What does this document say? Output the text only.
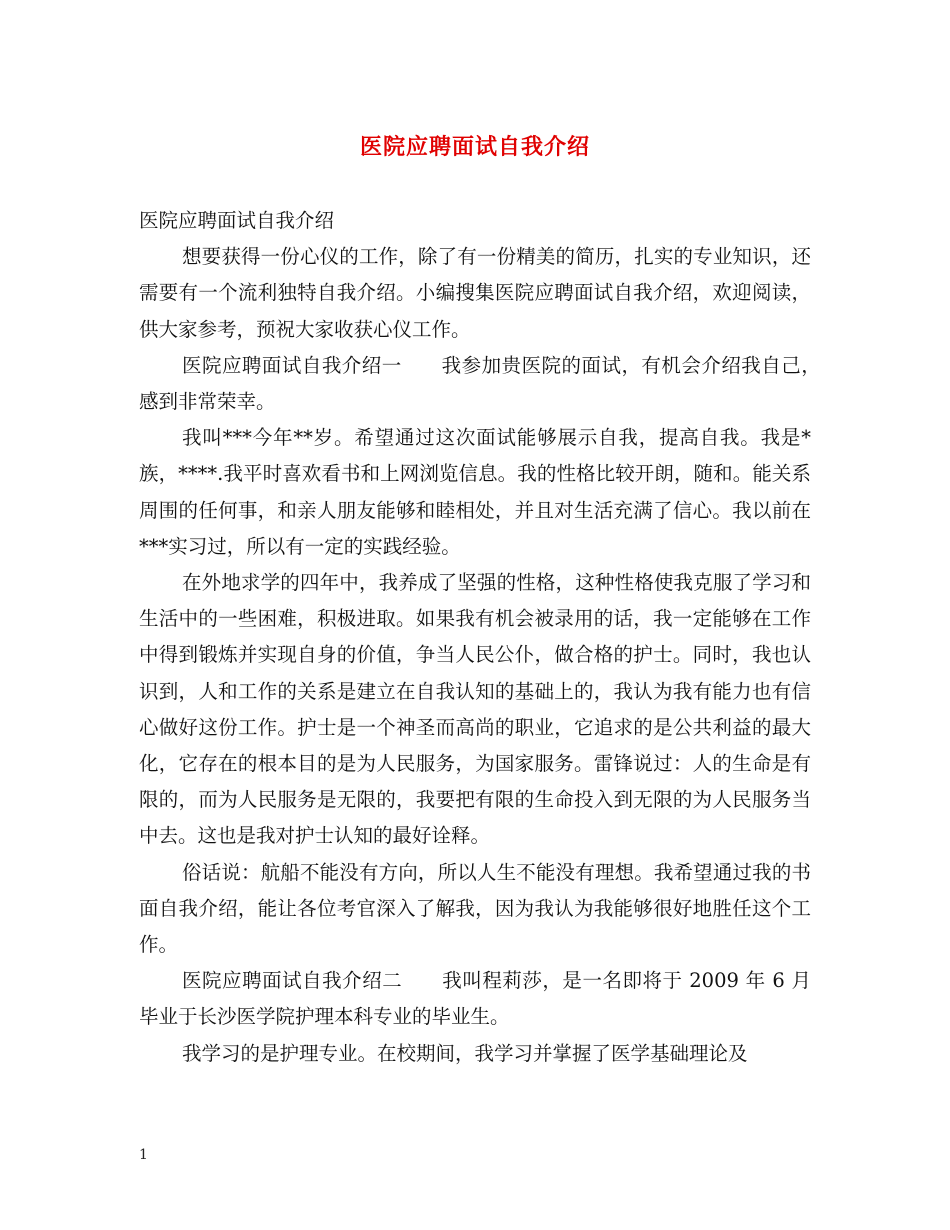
医院应聘面试自我介绍

医院应聘面试自我介绍

想要获得一份心仪的工作，除了有一份精美的简历，扎实的专业知识，还需要有一个流利独特自我介绍。小编搜集医院应聘面试自我介绍，欢迎阅读，供大家参考，预祝大家收获心仪工作。

医院应聘面试自我介绍一　　我参加贵医院的面试，有机会介绍我自己，　感到非常荣幸。

我叫***今年**岁。希望通过这次面试能够展示自我，提高自我。我是*族，****.我平时喜欢看书和上网浏览信息。我的性格比较开朗，随和。能关系周围的任何事，和亲人朋友能够和睦相处，并且对生活充满了信心。我以前在***实习过，所以有一定的实践经验。

在外地求学的四年中，我养成了坚强的性格，这种性格使我克服了学习和生活中的一些困难，积极进取。如果我有机会被录用的话，我一定能够在工作中得到锻炼并实现自身的价值，争当人民公仆，做合格的护士。同时，我也认识到，人和工作的关系是建立在自我认知的基础上的，我认为我有能力也有信心做好这份工作。护士是一个神圣而高尚的职业，它追求的是公共利益的最大化，它存在的根本目的是为人民服务，为国家服务。雷锋说过：人的生命是有限的，而为人民服务是无限的，我要把有限的生命投入到无限的为人民服务当中去。这也是我对护士认知的最好诠释。

俗话说：航船不能没有方向，所以人生不能没有理想。我希望通过我的书面自我介绍，能让各位考官深入了解我，因为我认为我能够很好地胜任这个工作。

医院应聘面试自我介绍二　　我叫程莉莎，是一名即将于 2009 年 6 月毕业于长沙医学院护理本科专业的毕业生。

我学习的是护理专业。在校期间，我学习并掌握了医学基础理论及

1
